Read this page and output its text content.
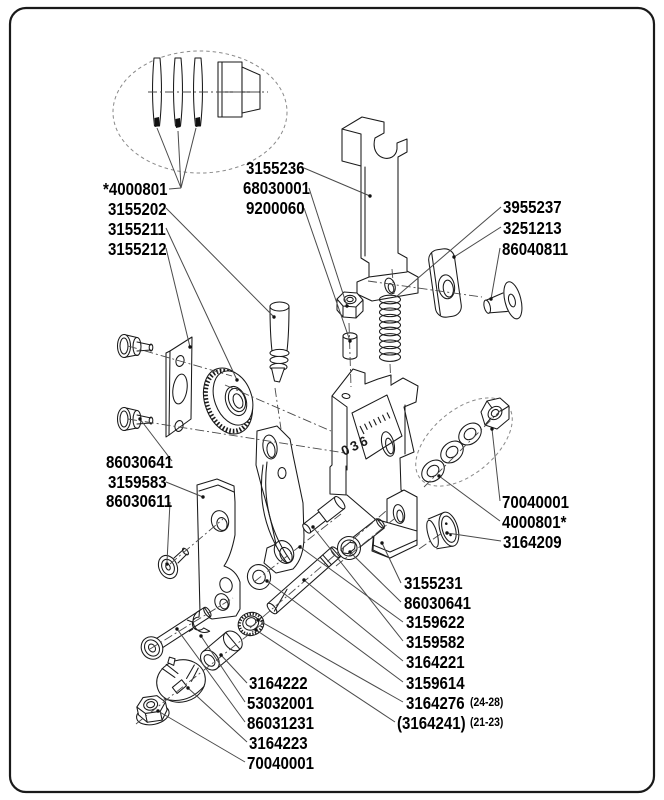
036
*4000801
3155202
3155211
3155212
3155236
68030001
9200060	3955237
3251213
86040811
86030641
3159583
86030611	70040001
4000801*
3164209
3155231
86030641
3159622
3159582
3164221
3159614
3164276 (24-28)
(3164241) (21-23)
3164222
53032001
86031231
3164223
70040001
